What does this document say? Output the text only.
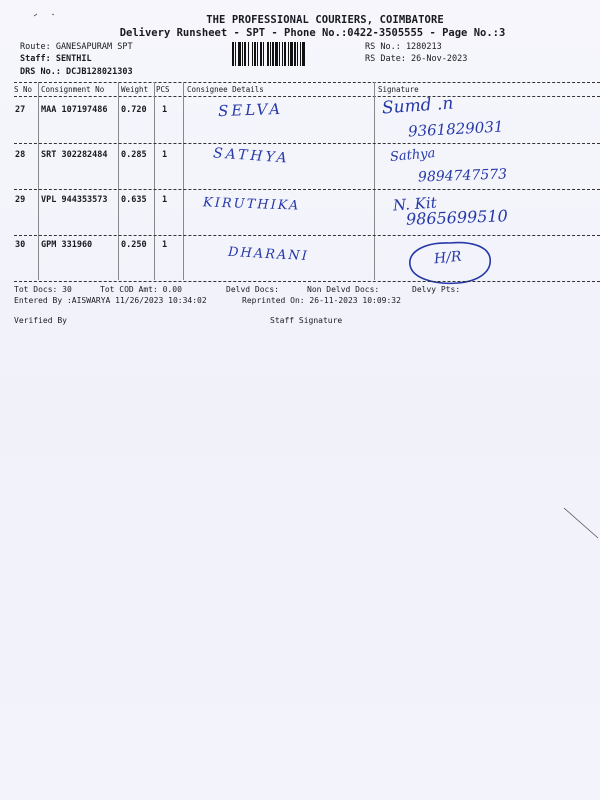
THE PROFESSIONAL COURIERS, COIMBATORE
Delivery Runsheet - SPT - Phone No.:0422-3505555 - Page No.:3
Route: GANESAPURAM SPT
Staff: SENTHIL
DRS No.: DCJB128021303
RS No.: 1280213
RS Date: 26-Nov-2023
S No Consignment No Weight PCS Consignee Details	Signature
27 MAA 107197486 0.720 1	SELVA	Sumd .n
9361829031
28 SRT 302282484 0.285 1	SATHYA	Sathya
9894747573
29 VPL 944353573 0.635 1	KIRUTHIKA	N. Kit
9865699510
30 GPM 331960	0.250 1	DHARANI	H/R
Tot Docs: 30	Tot COD Amt: 0.00	Delvd Docs:	Non Delvd Docs:	Delvy Pts:
Entered By :AISWARYA 11/26/2023 10:34:02	Reprinted On: 26-11-2023 10:09:32
Verified By	Staff Signature
